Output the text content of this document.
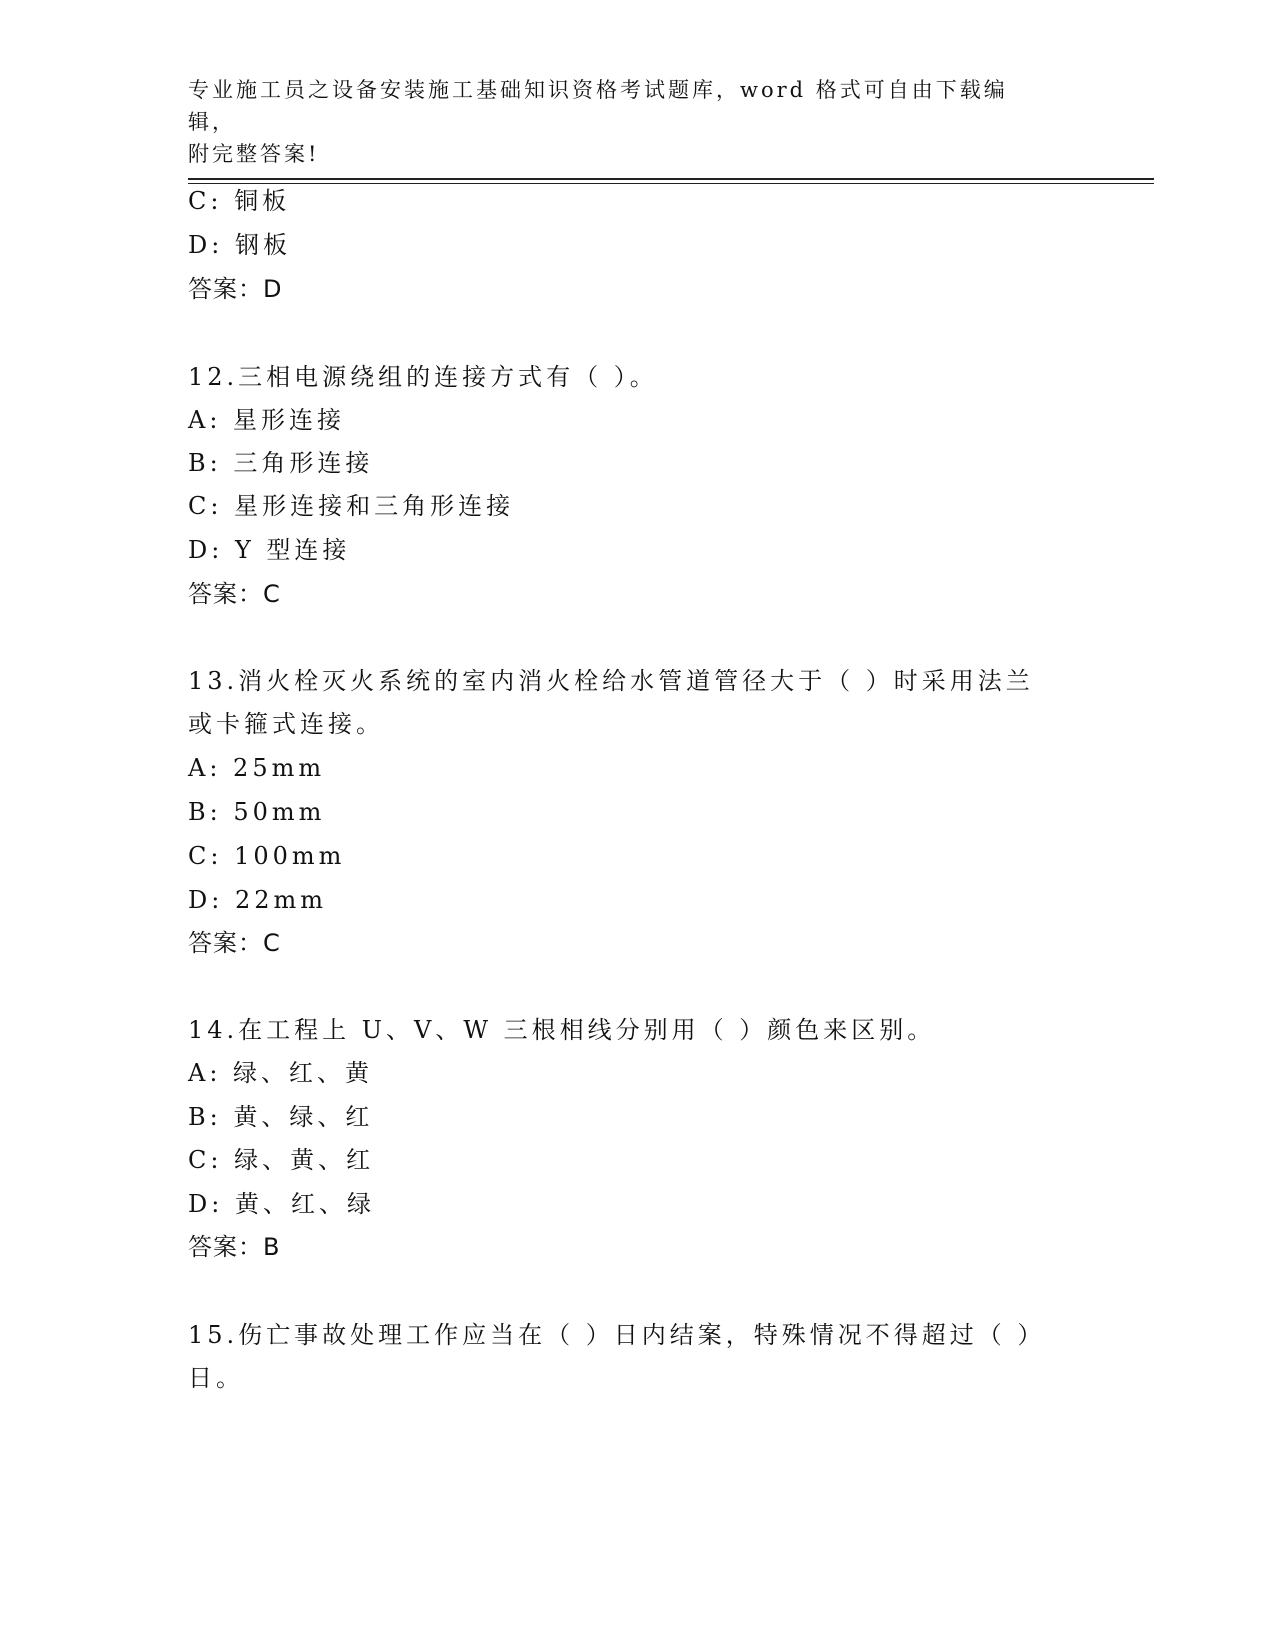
专业施工员之设备安装施工基础知识资格考试题库，word 格式可自由下载编辑，
附完整答案!
C: 铜板
D: 钢板
答案：D
12.三相电源绕组的连接方式有（ ）。
A: 星形连接
B: 三角形连接
C: 星形连接和三角形连接
D: Y 型连接
答案：C
13.消火栓灭火系统的室内消火栓给水管道管径大于（ ）时采用法兰
或卡箍式连接。
A: 25mm
B: 50mm
C: 100mm
D: 22mm
答案：C
14.在工程上 U、V、W 三根相线分别用（ ）颜色来区别。
A: 绿、红、黄
B: 黄、绿、红
C: 绿、黄、红
D: 黄、红、绿
答案：B
15.伤亡事故处理工作应当在（ ）日内结案，特殊情况不得超过（ ）
日。
